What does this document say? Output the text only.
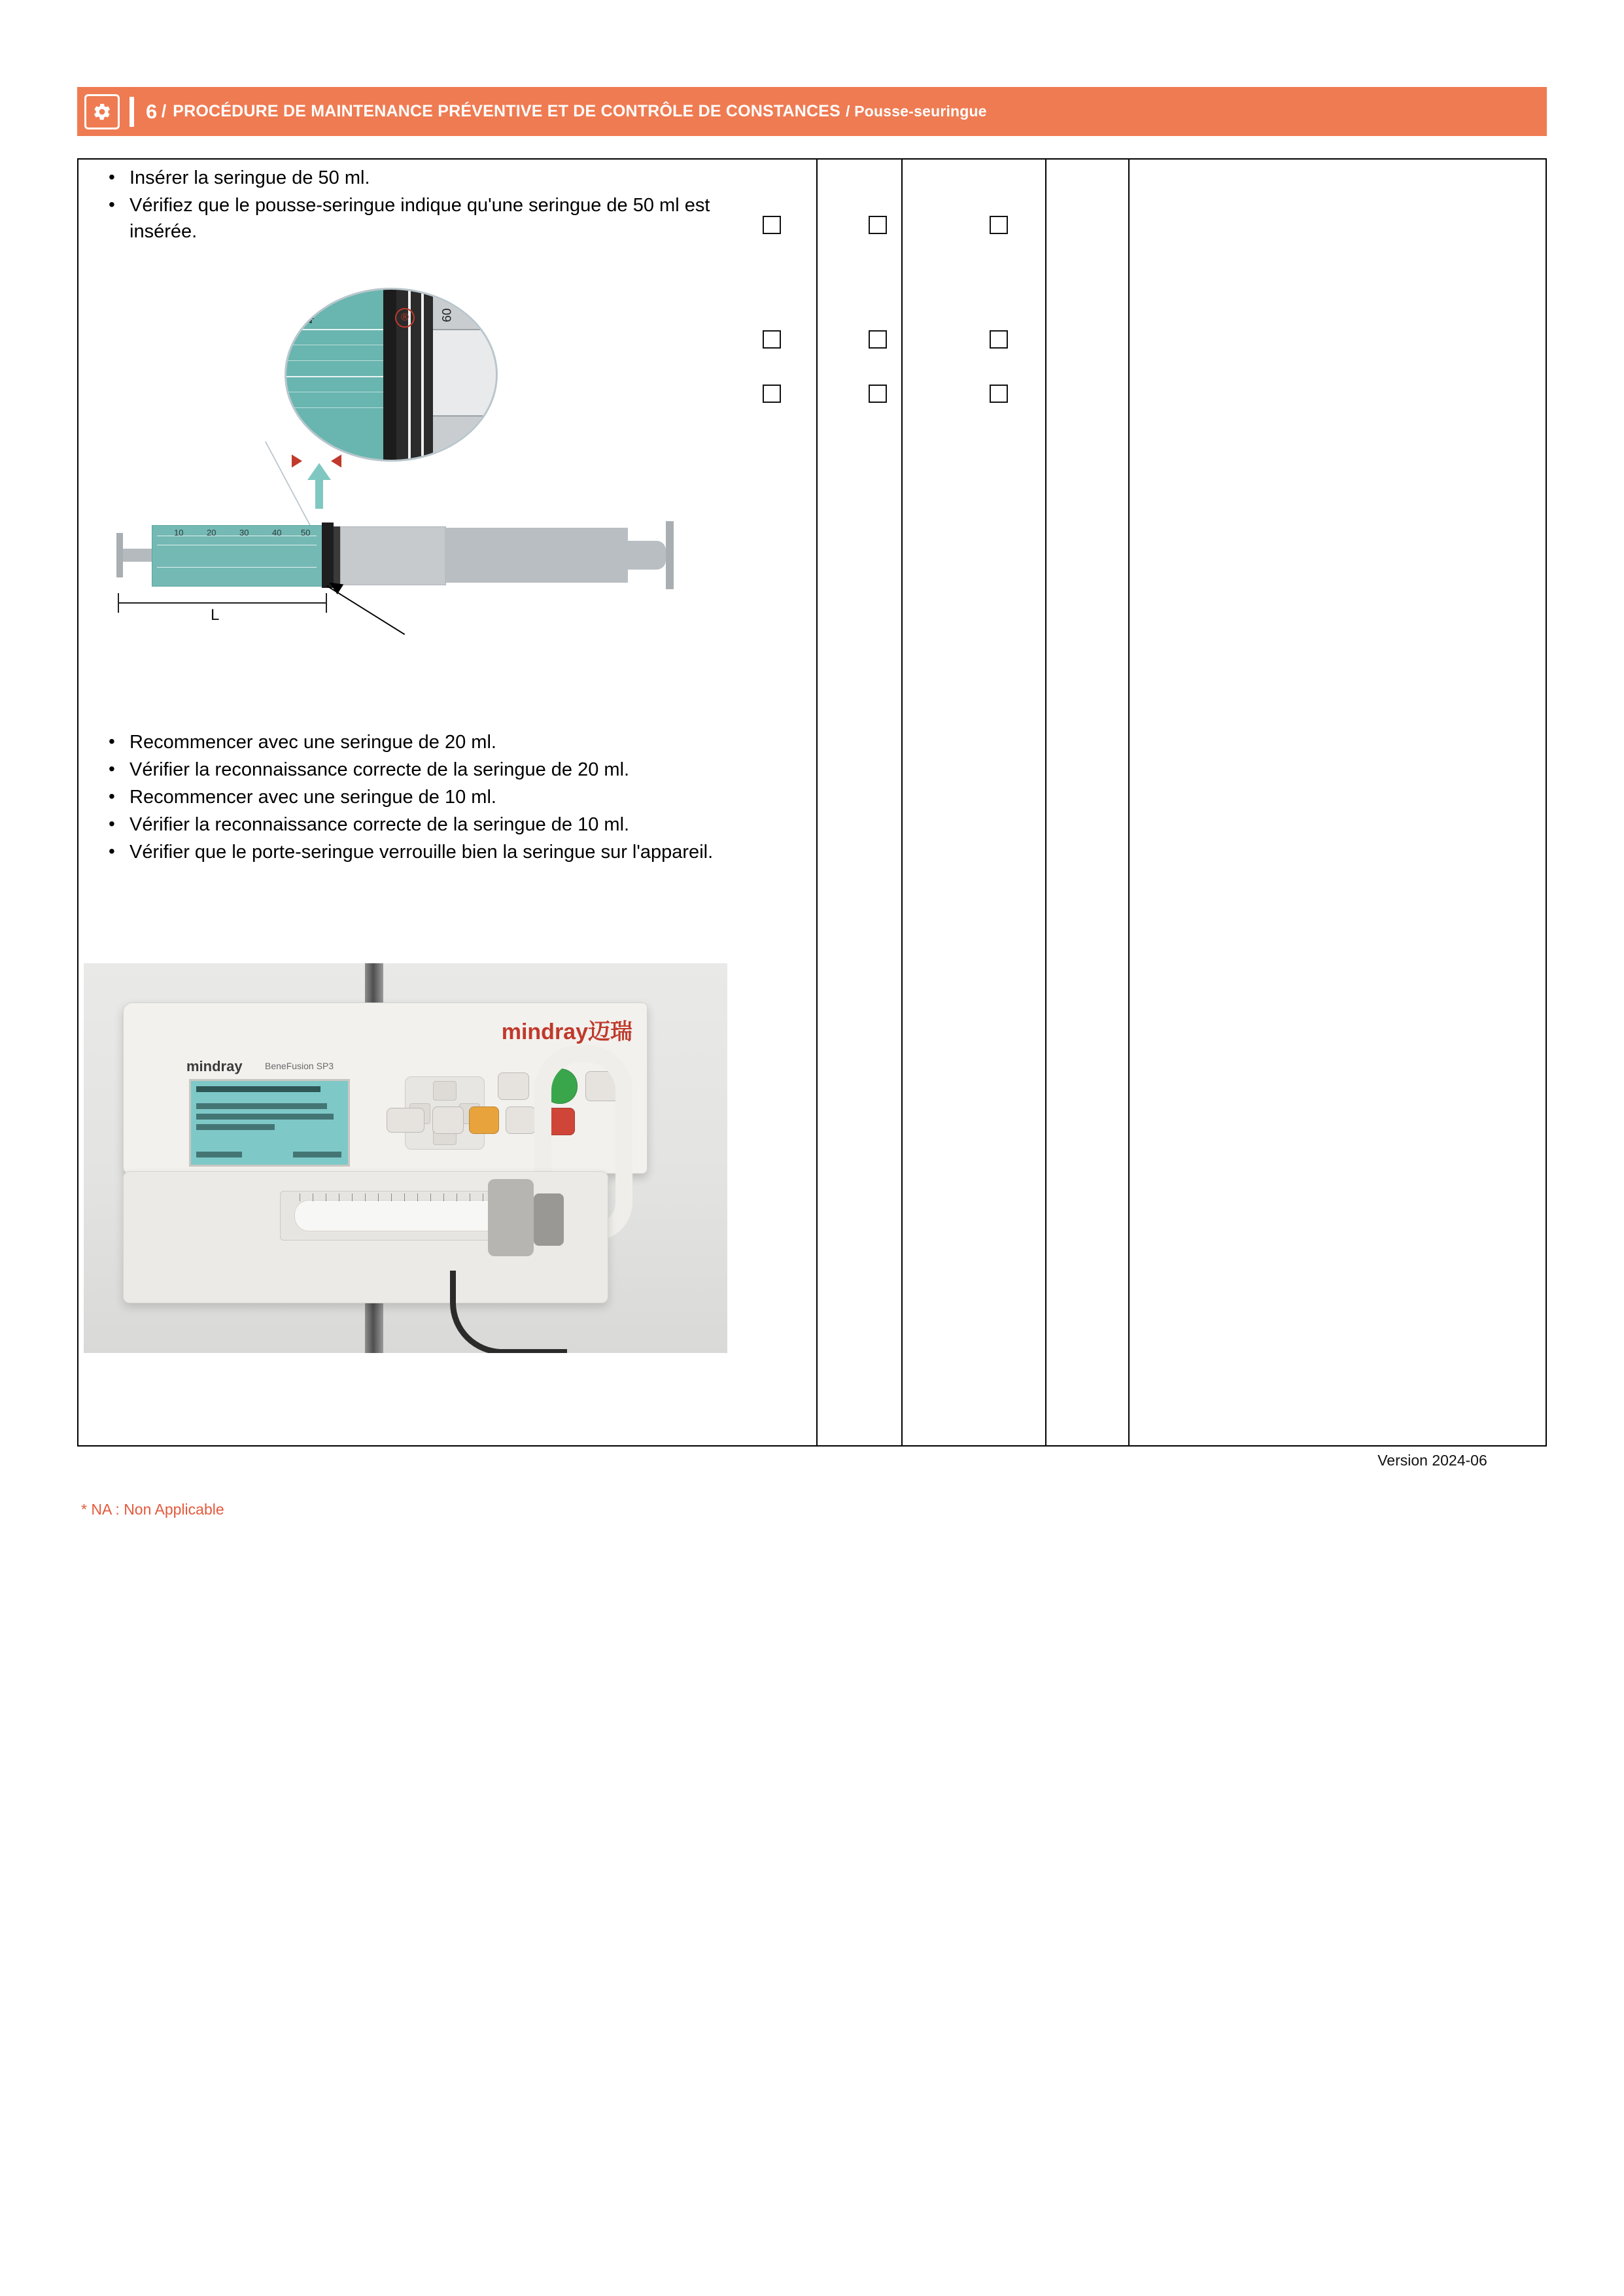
6 / PROCÉDURE DE MAINTENANCE PRÉVENTIVE ET DE CONTRÔLE DE CONSTANCES / Pousse-seuringue
• Insérer la seringue de 50 ml.
• Vérifiez que le pousse-seringue indique qu'une seringue de 50 ml est insérée.
40	60
®
10	20	30	40 50
L
• Recommencer avec une seringue de 20 ml.
• Vérifier la reconnaissance correcte de la seringue de 20 ml.
• Recommencer avec une seringue de 10 ml.
• Vérifier la reconnaissance correcte de la seringue de 10 ml.
• Vérifier que le porte-seringue verrouille bien la seringue sur l'appareil.
mindray BeneFusion SP3
mindray迈瑞
Version 2024-06
* NA : Non Applicable
